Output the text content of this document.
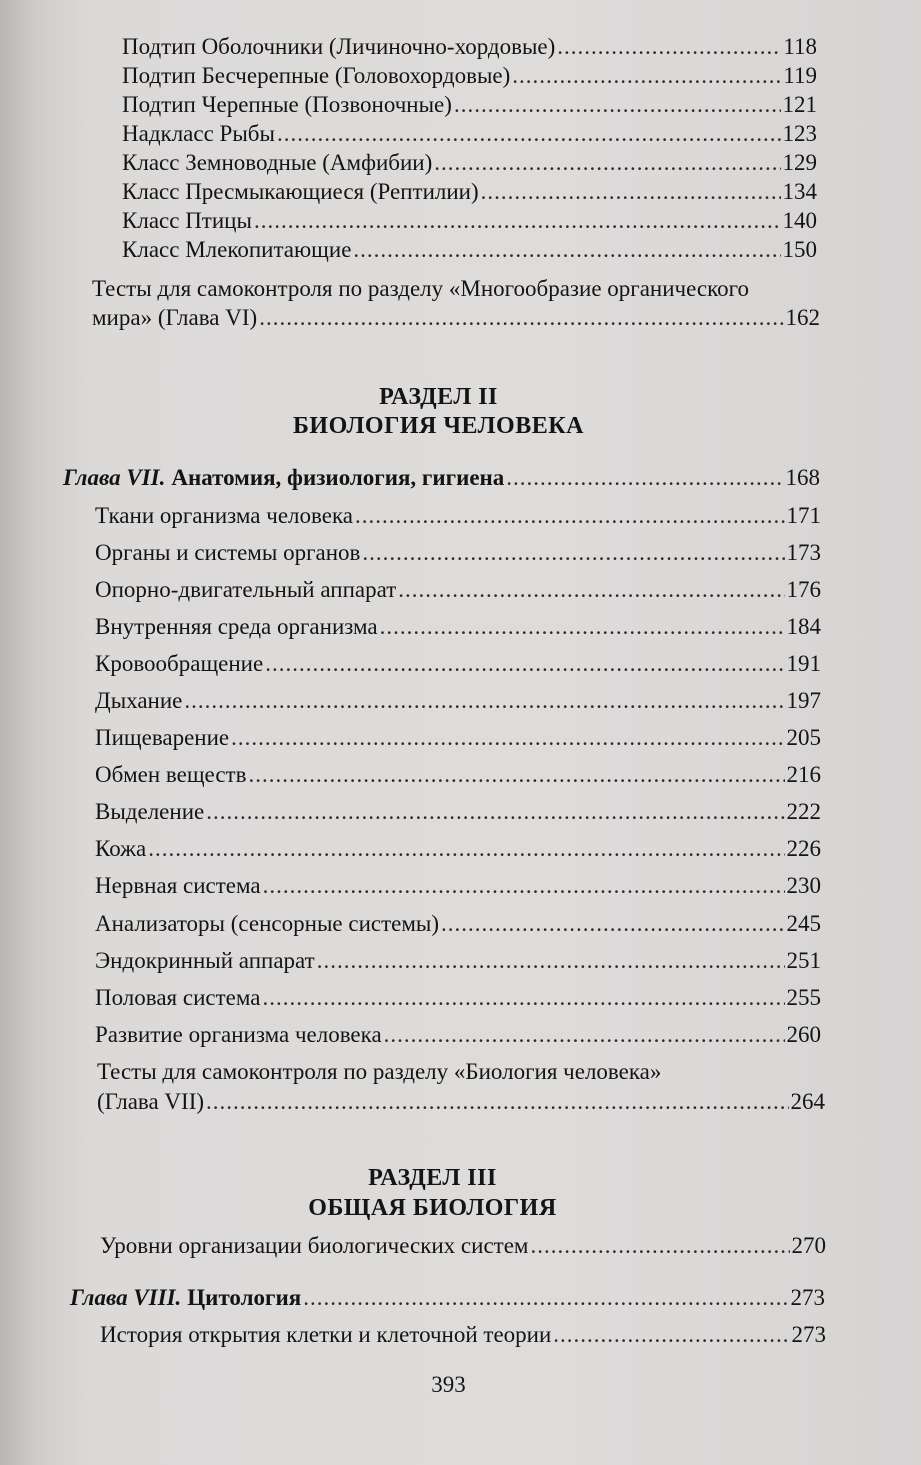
Подтип Оболочники (Личиночно-хордовые) .....	118
Подтип Бесчерепные (Головохордовые) .....	119
Подтип Черепные (Позвоночные) .....	121
Надкласс Рыбы .....	123
Класс Земноводные (Амфибии) .....	129
Класс Пресмыкающиеся (Рептилии) .....	134
Класс Птицы .....	140
Класс Млекопитающие .....	150
Тесты для самоконтроля по разделу «Многообразие органического
мира» (Глава VI) .....	162
РАЗДЕЛ II
БИОЛОГИЯ ЧЕЛОВЕКА
Глава VII. Анатомия, физиология, гигиена .....	168
Ткани организма человека .....	171
Органы и системы органов .....	173
Опорно-двигательный аппарат .....	176
Внутренняя среда организма .....	184
Кровообращение .....	191
Дыхание .....	197
Пищеварение .....	205
Обмен веществ .....	216
Выделение .....	222
Кожа .....	226
Нервная система .....	230
Анализаторы (сенсорные системы) .....	245
Эндокринный аппарат .....	251
Половая система .....	255
Развитие организма человека .....	260
Тесты для самоконтроля по разделу «Биология человека»
(Глава VII) .....	264
РАЗДЕЛ III
ОБЩАЯ БИОЛОГИЯ
Уровни организации биологических систем .....	270
Глава VIII. Цитология .....	273
История открытия клетки и клеточной теории .....	273
393
